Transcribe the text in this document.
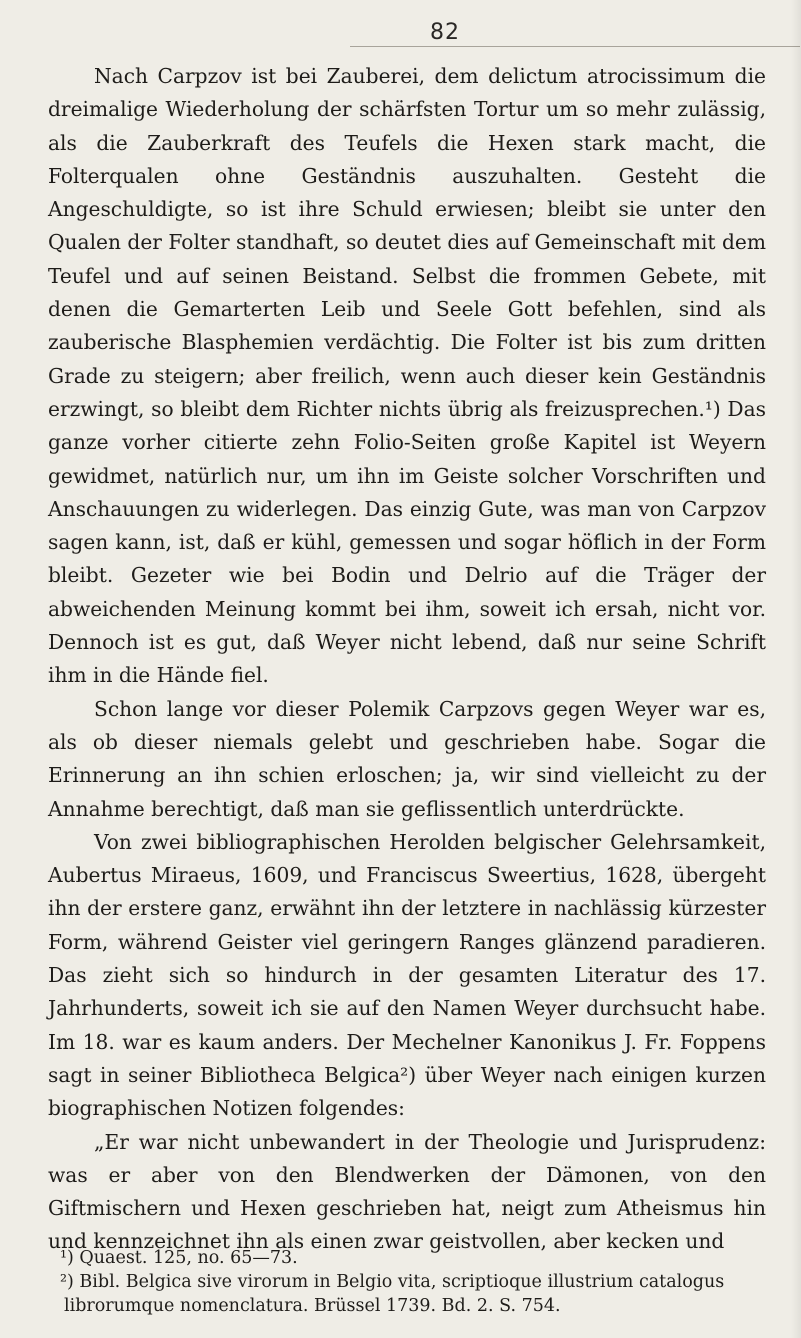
82

Nach Carpzov ist bei Zauberei, dem delictum atrocissimum die dreimalige Wiederholung der schärfsten Tortur um so mehr zulässig, als die Zauberkraft des Teufels die Hexen stark macht, die Folterqualen ohne Geständnis auszuhalten. Gesteht die Angeschuldigte, so ist ihre Schuld erwiesen; bleibt sie unter den Qualen der Folter standhaft, so deutet dies auf Gemeinschaft mit dem Teufel und auf seinen Beistand. Selbst die frommen Gebete, mit denen die Gemarterten Leib und Seele Gott befehlen, sind als zauberische Blasphemien verdächtig. Die Folter ist bis zum dritten Grade zu steigern; aber freilich, wenn auch dieser kein Geständnis erzwingt, so bleibt dem Richter nichts übrig als freizusprechen.¹) Das ganze vorher citierte zehn Folio-Seiten große Kapitel ist Weyern gewidmet, natürlich nur, um ihn im Geiste solcher Vorschriften und Anschauungen zu widerlegen. Das einzig Gute, was man von Carpzov sagen kann, ist, daß er kühl, gemessen und sogar höflich in der Form bleibt. Gezeter wie bei Bodin und Delrio auf die Träger der abweichenden Meinung kommt bei ihm, soweit ich ersah, nicht vor. Dennoch ist es gut, daß Weyer nicht lebend, daß nur seine Schrift ihm in die Hände fiel.

Schon lange vor dieser Polemik Carpzovs gegen Weyer war es, als ob dieser niemals gelebt und geschrieben habe. Sogar die Erinnerung an ihn schien erloschen; ja, wir sind vielleicht zu der Annahme berechtigt, daß man sie geflissentlich unterdrückte.

Von zwei bibliographischen Herolden belgischer Gelehrsamkeit, Aubertus Miraeus, 1609, und Franciscus Sweertius, 1628, übergeht ihn der erstere ganz, erwähnt ihn der letztere in nachlässig kürzester Form, während Geister viel geringern Ranges glänzend paradieren. Das zieht sich so hindurch in der gesamten Literatur des 17. Jahrhunderts, soweit ich sie auf den Namen Weyer durchsucht habe. Im 18. war es kaum anders. Der Mechelner Kanonikus J. Fr. Foppens sagt in seiner Bibliotheca Belgica²) über Weyer nach einigen kurzen biographischen Notizen folgendes:

„Er war nicht unbewandert in der Theologie und Jurisprudenz: was er aber von den Blendwerken der Dämonen, von den Giftmischern und Hexen geschrieben hat, neigt zum Atheismus hin und kennzeichnet ihn als einen zwar geistvollen, aber kecken und

¹) Quaest. 125, no. 65—73.

²) Bibl. Belgica sive virorum in Belgio vita, scriptioque illustrium catalogus librorumque nomenclatura. Brüssel 1739. Bd. 2. S. 754.
